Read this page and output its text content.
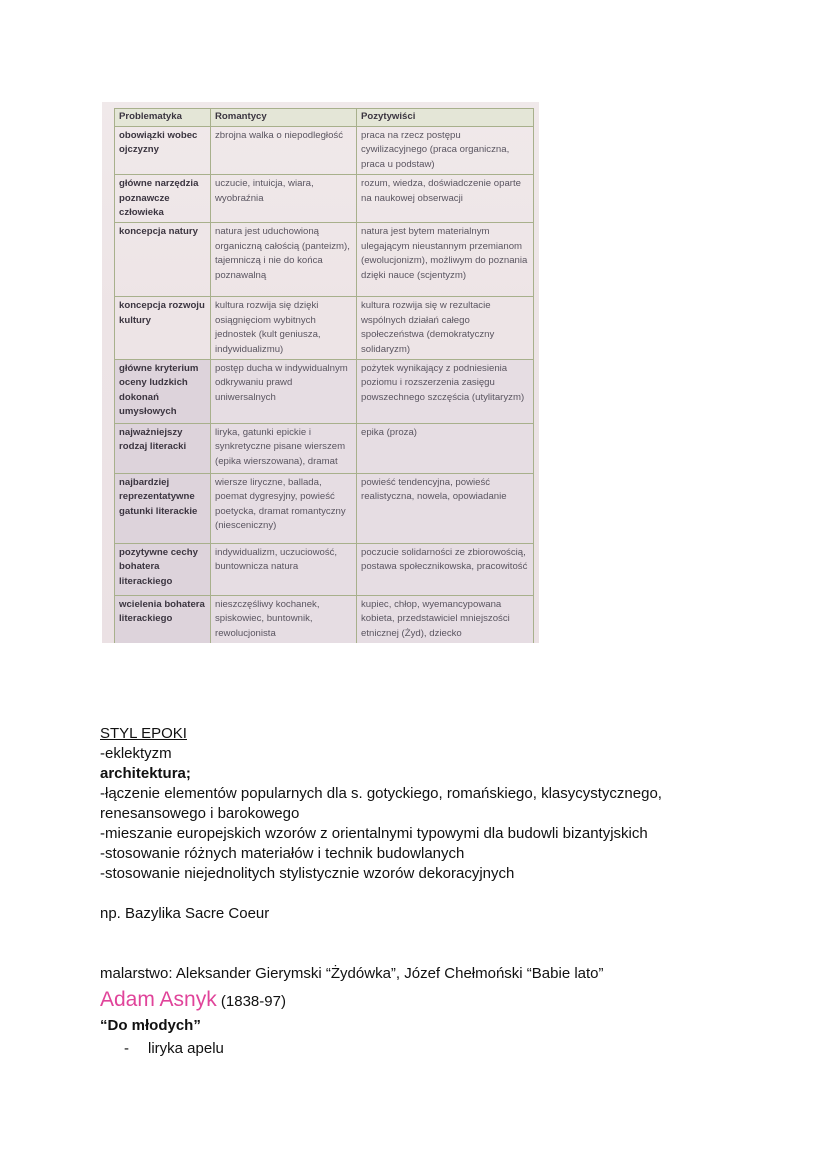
Problematyka	Romantycy	Pozytywiści
obowiązki wobec ojczyzny	zbrojna walka o niepodległość	praca na rzecz postępu cywilizacyjnego (praca organiczna, praca u podstaw)
główne narzędzia poznawcze człowieka	uczucie, intuicja, wiara, wyobraźnia	rozum, wiedza, doświadczenie oparte na naukowej obserwacji
koncepcja natury	natura jest uduchowioną organiczną całością (panteizm), tajemniczą i nie do końca poznawalną	natura jest bytem materialnym ulegającym nieustannym przemianom (ewolucjonizm), możliwym do poznania dzięki nauce (scjentyzm)
koncepcja rozwoju kultury	kultura rozwija się dzięki osiągnięciom wybitnych jednostek (kult geniusza, indywidualizmu)	kultura rozwija się w rezultacie wspólnych działań całego społeczeństwa (demokratyczny solidaryzm)
główne kryterium oceny ludzkich dokonań umysłowych	postęp ducha w indywidualnym odkrywaniu prawd uniwersalnych	pożytek wynikający z podniesienia poziomu i rozszerzenia zasięgu powszechnego szczęścia (utylitaryzm)
najważniejszy rodzaj literacki	liryka, gatunki epickie i synkretyczne pisane wierszem (epika wierszowana), dramat	epika (proza)
najbardziej reprezentatywne gatunki literackie	wiersze liryczne, ballada, poemat dygresyjny, powieść poetycka, dramat romantyczny (niesceniczny)	powieść tendencyjna, powieść realistyczna, nowela, opowiadanie
pozytywne cechy bohatera literackiego	indywidualizm, uczuciowość, buntowniczа natura	poczucie solidarności ze zbiorowością, postawa społecznikowska, pracowitość
wcielenia bohatera literackiego	nieszczęśliwy kochanek, spiskowiec, buntownik, rewolucjonista	kupiec, chłop, wyemancypowana kobieta, przedstawiciel mniejszości etnicznej (Żyd), dziecko
STYL EPOKI
-eklektyzm
architektura;
-łączenie elementów popularnych dla s. gotyckiego, romańskiego, klasycystycznego,
renesansowego i barokowego
-mieszanie europejskich wzorów z orientalnymi typowymi dla budowli bizantyjskich
-stosowanie różnych materiałów i technik budowlanych
-stosowanie niejednolitych stylistycznie wzorów dekoracyjnych
np. Bazylika Sacre Coeur
malarstwo: Aleksander Gierymski “Żydówka”, Józef Chełmoński “Babie lato”
Adam Asnyk (1838-97)
“Do młodych”
- liryka apelu
